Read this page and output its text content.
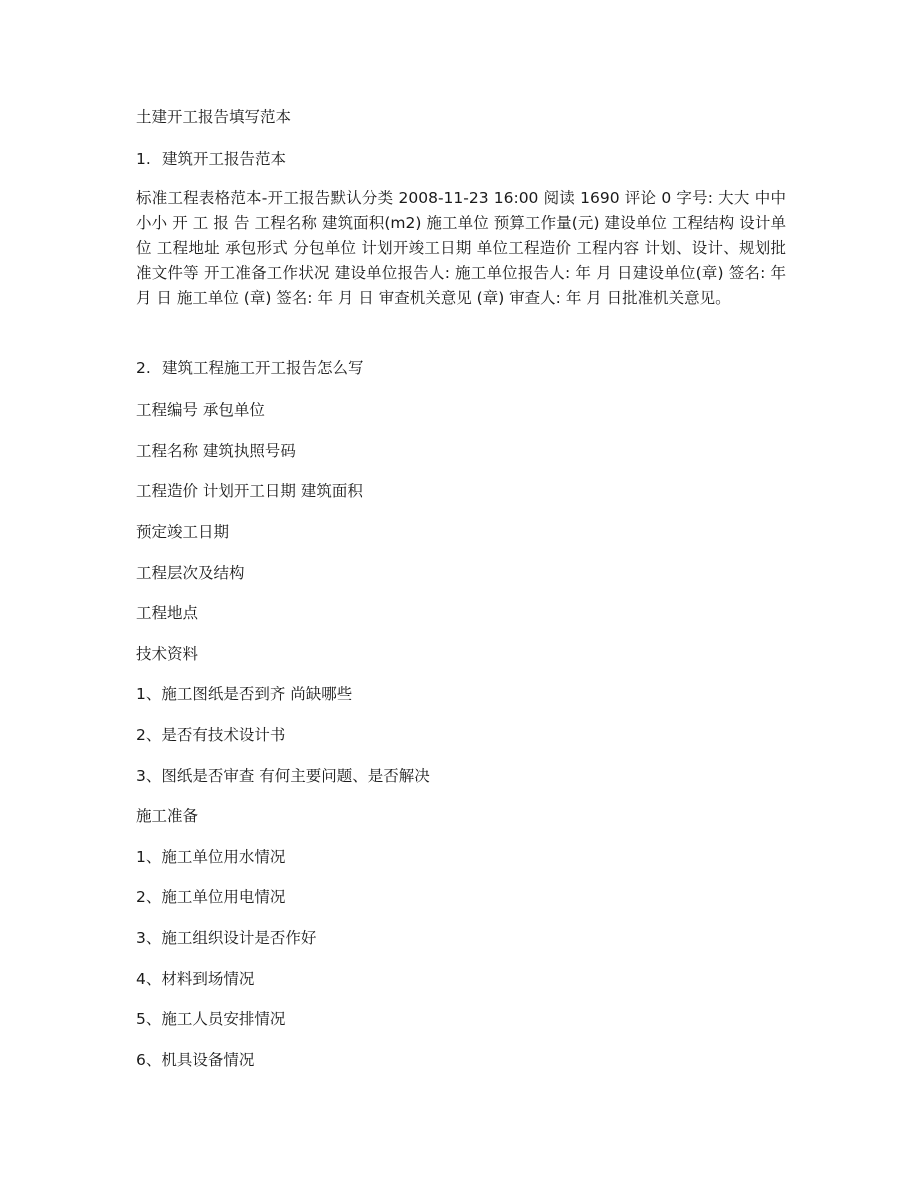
土建开工报告填写范本

1. 建筑开工报告范本

标准工程表格范本-开工报告默认分类 2008-11-23 16:00 阅读 1690 评论 0 字号: 大大 中中 小小 开 工 报 告 工程名称 建筑面积(m2) 施工单位 预算工作量(元) 建设单位 工程结构 设计单位 工程地址 承包形式 分包单位 计划开竣工日期 单位工程造价 工程内容 计划、设计、规划批准文件等 开工准备工作状况 建设单位报告人: 施工单位报告人: 年 月 日建设单位(章) 签名: 年 月 日 施工单位 (章) 签名: 年 月 日 审查机关意见 (章) 审查人: 年 月 日批准机关意见。

2. 建筑工程施工开工报告怎么写

工程编号 承包单位

工程名称 建筑执照号码

工程造价 计划开工日期 建筑面积

预定竣工日期

工程层次及结构

工程地点

技术资料

1、施工图纸是否到齐 尚缺哪些

2、是否有技术设计书

3、图纸是否审查 有何主要问题、是否解决

施工准备

1、施工单位用水情况

2、施工单位用电情况

3、施工组织设计是否作好

4、材料到场情况

5、施工人员安排情况

6、机具设备情况
